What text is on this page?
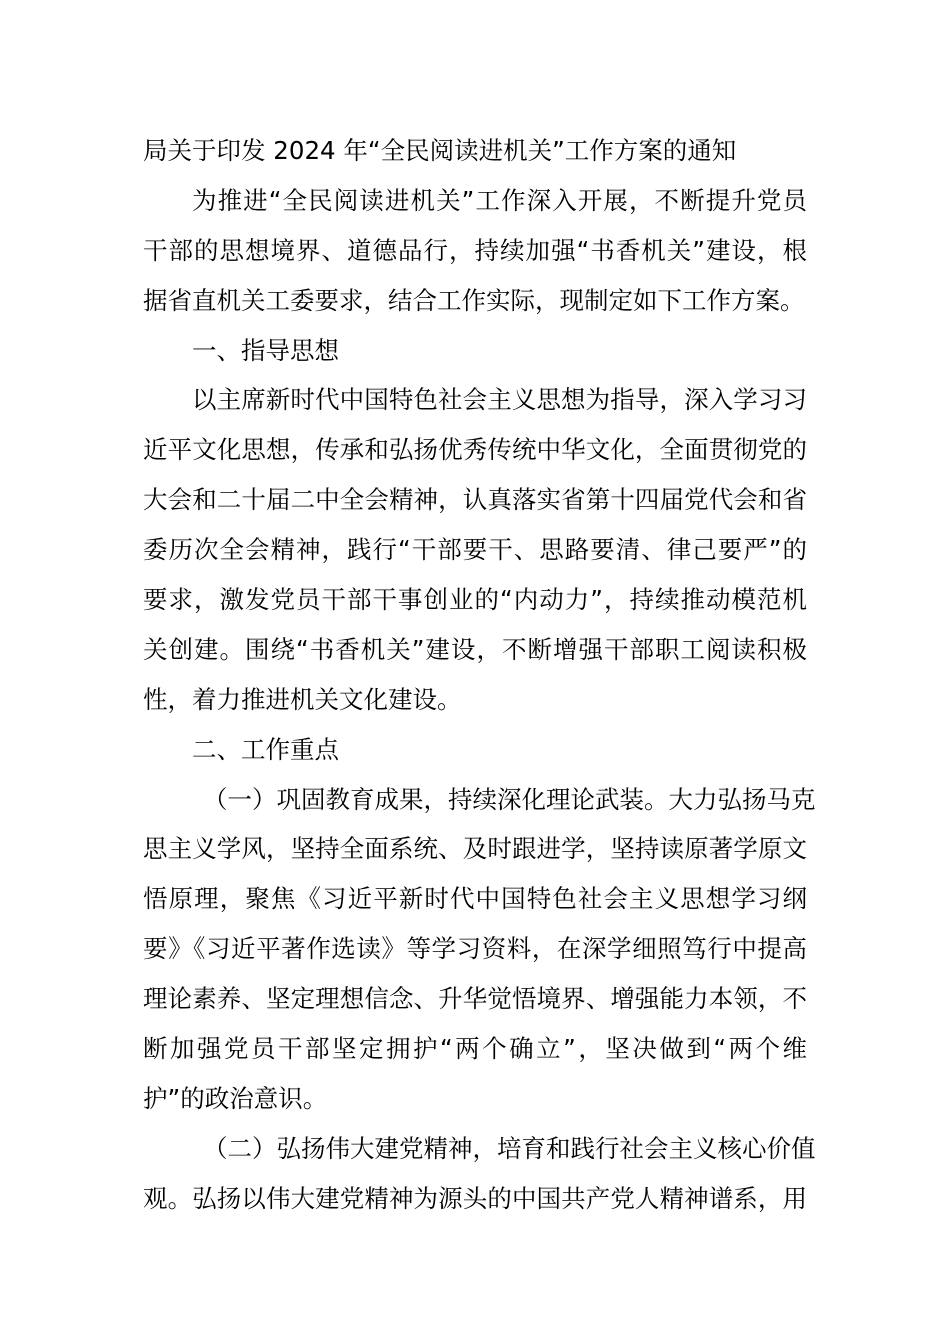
局关于印发 2024 年“全民阅读进机关”工作方案的通知
为推进“全民阅读进机关”工作深入开展，不断提升党员
干部的思想境界、道德品行，持续加强“书香机关”建设，根
据省直机关工委要求，结合工作实际，现制定如下工作方案。
一、指导思想
以主席新时代中国特色社会主义思想为指导，深入学习习
近平文化思想，传承和弘扬优秀传统中华文化，全面贯彻党的
大会和二十届二中全会精神，认真落实省第十四届党代会和省
委历次全会精神，践行“干部要干、思路要清、律己要严”的
要求，激发党员干部干事创业的“内动力”，持续推动模范机
关创建。围绕“书香机关”建设，不断增强干部职工阅读积极
性，着力推进机关文化建设。
二、工作重点
（一）巩固教育成果，持续深化理论武装。大力弘扬马克
思主义学风，坚持全面系统、及时跟进学，坚持读原著学原文
悟原理，聚焦《习近平新时代中国特色社会主义思想学习纲
要》《习近平著作选读》等学习资料，在深学细照笃行中提高
理论素养、坚定理想信念、升华觉悟境界、增强能力本领，不
断加强党员干部坚定拥护“两个确立”，坚决做到“两个维
护”的政治意识。
（二）弘扬伟大建党精神，培育和践行社会主义核心价值
观。弘扬以伟大建党精神为源头的中国共产党人精神谱系，用
